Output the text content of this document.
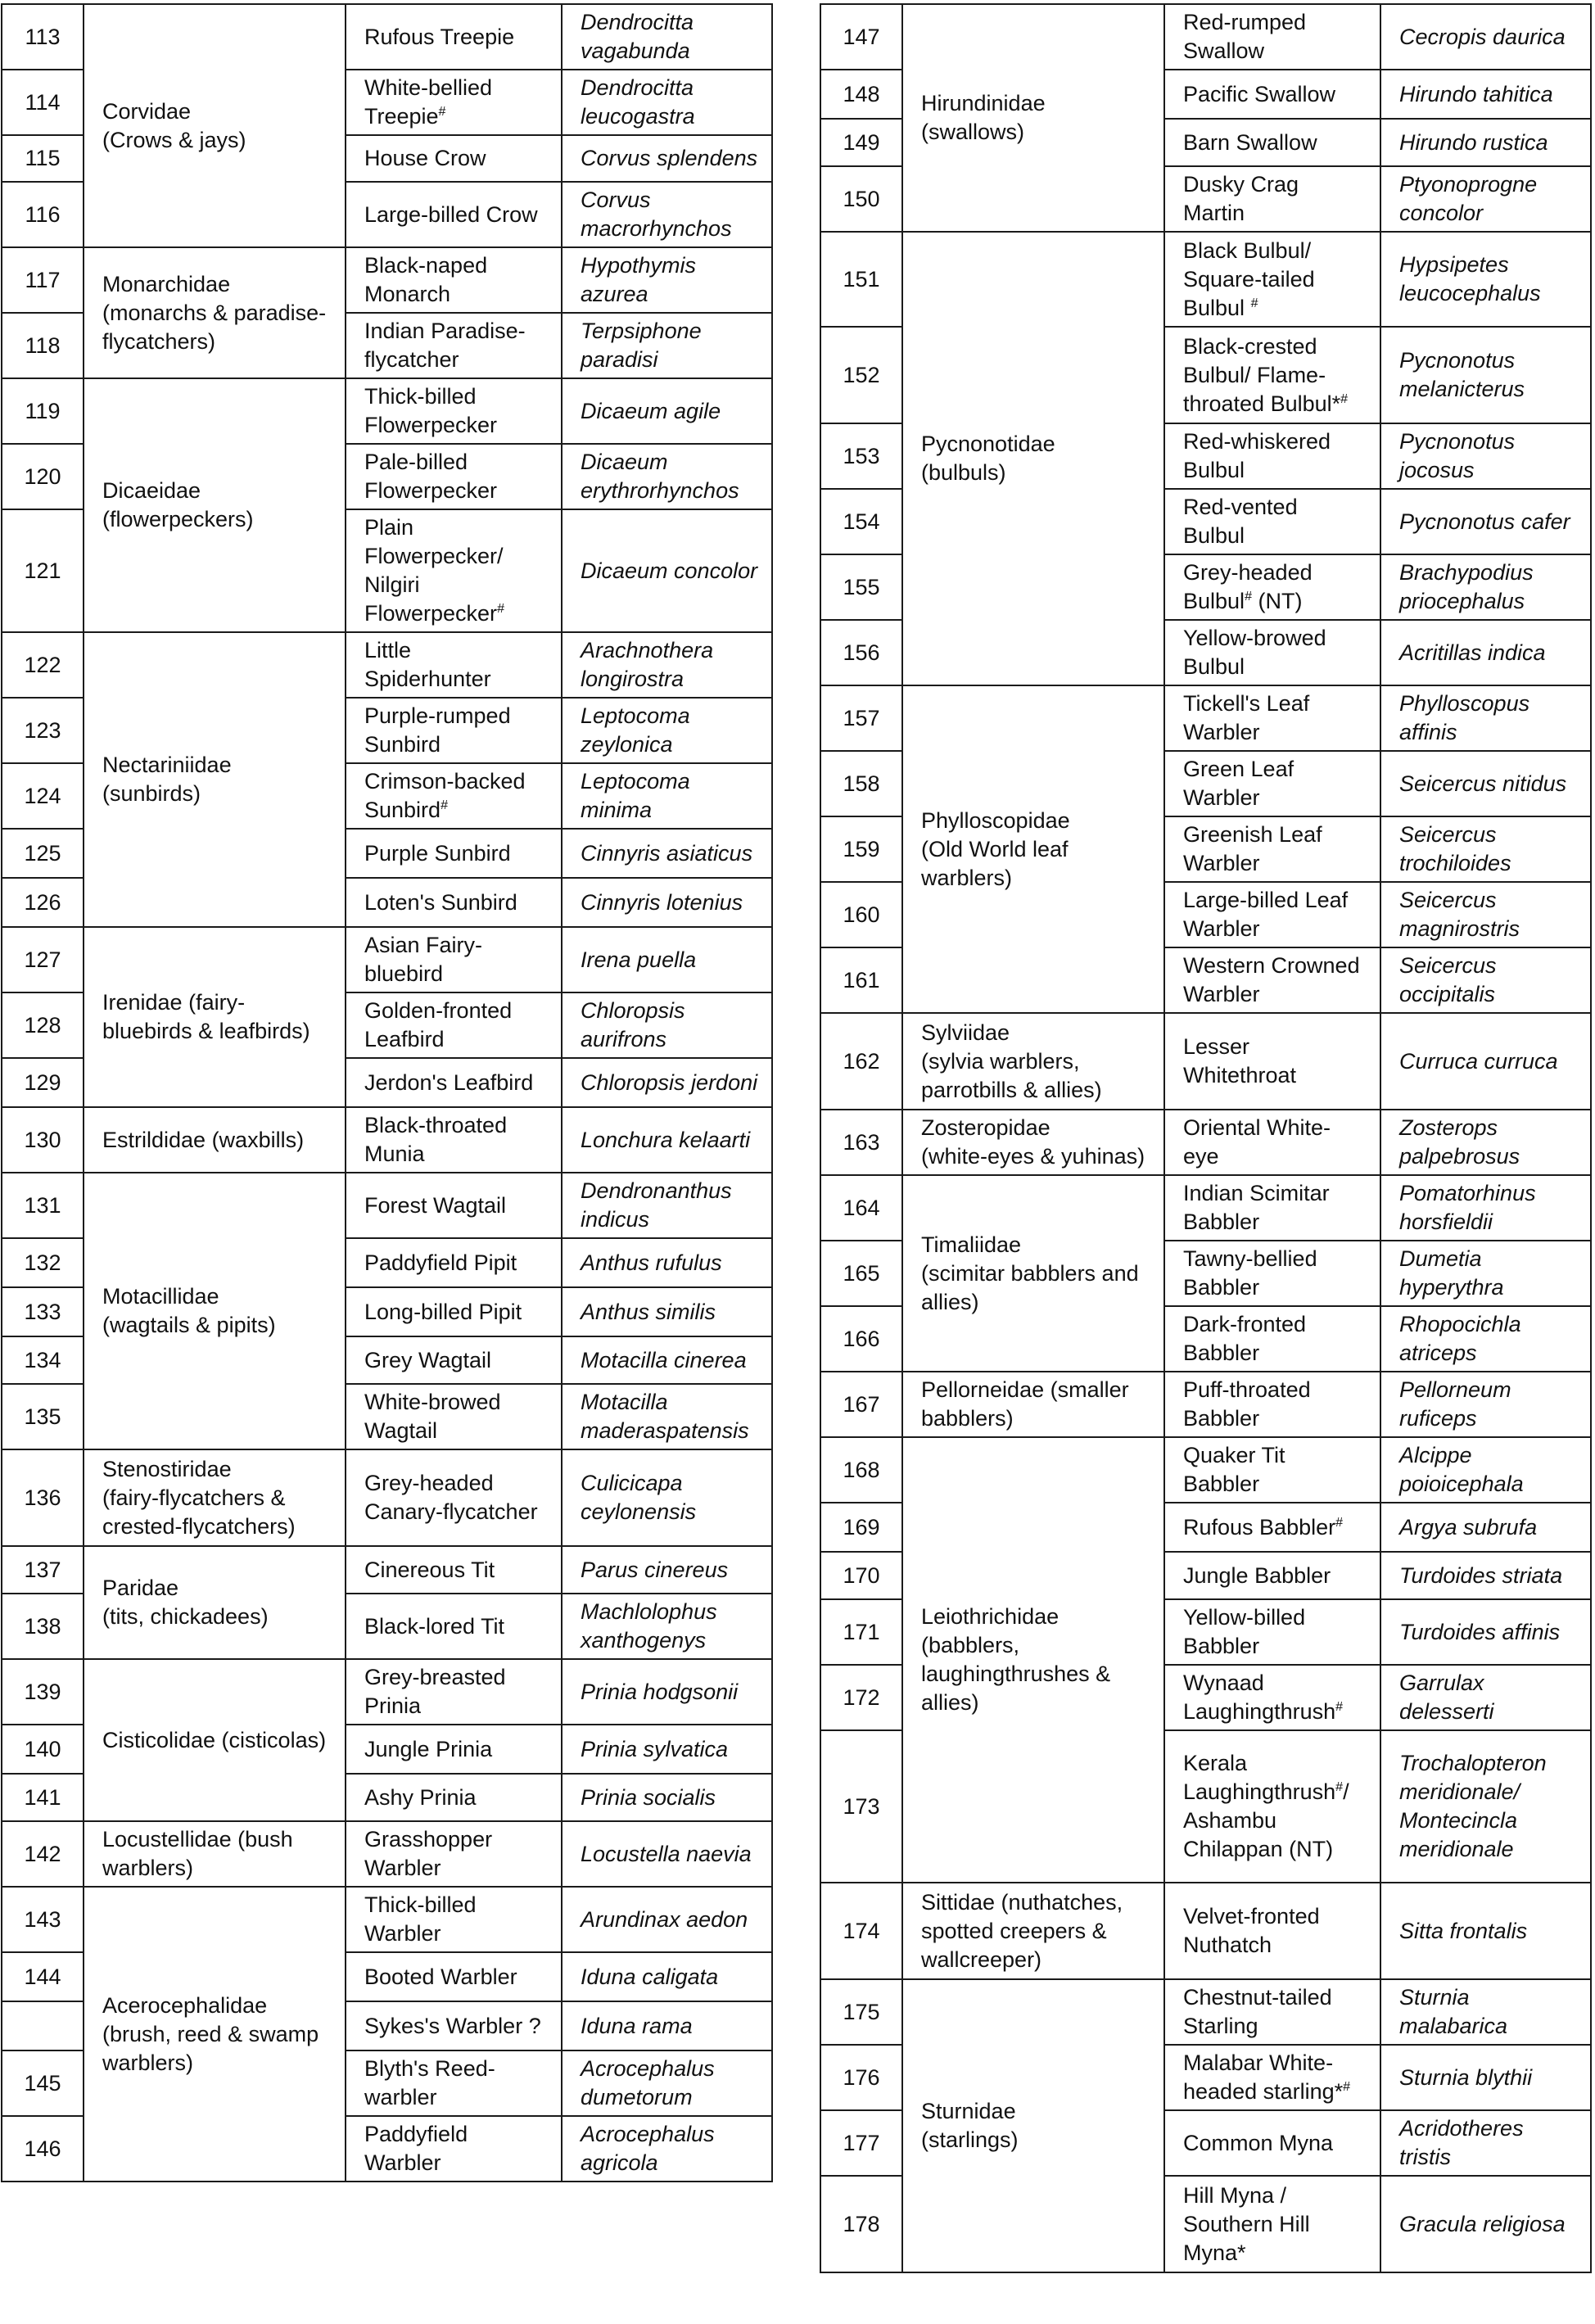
113	Corvidae
(Crows & jays)	Rufous Treepie	Dendrocitta
vagabunda
114		White-bellied
Treepie#	Dendrocitta
leucogastra
115		House Crow	Corvus splendens
116		Large-billed Crow	Corvus
macrorhynchos
117	Monarchidae
(monarchs & paradise-
flycatchers)	Black-naped
Monarch	Hypothymis
azurea
118		Indian Paradise-
flycatcher	Terpsiphone
paradisi
119	Dicaeidae
(flowerpeckers)	Thick-billed
Flowerpecker	Dicaeum agile
120		Pale-billed
Flowerpecker	Dicaeum
erythrorhynchos
121		Plain
Flowerpecker/
Nilgiri
Flowerpecker#	Dicaeum concolor
122	Nectariniidae
(sunbirds)	Little
Spiderhunter	Arachnothera
longirostra
123		Purple-rumped
Sunbird	Leptocoma
zeylonica
124		Crimson-backed
Sunbird#	Leptocoma
minima
125		Purple Sunbird	Cinnyris asiaticus
126		Loten's Sunbird	Cinnyris lotenius
127	Irenidae (fairy-
bluebirds & leafbirds)	Asian Fairy-
bluebird	Irena puella
128		Golden-fronted
Leafbird	Chloropsis
aurifrons
129		Jerdon's Leafbird	Chloropsis jerdoni
130	Estrildidae (waxbills)	Black-throated
Munia	Lonchura kelaarti
131	Motacillidae
(wagtails & pipits)	Forest Wagtail	Dendronanthus
indicus
132		Paddyfield Pipit	Anthus rufulus
133		Long-billed Pipit	Anthus similis
134		Grey Wagtail	Motacilla cinerea
135		White-browed
Wagtail	Motacilla
maderaspatensis
136	Stenostiridae
(fairy-flycatchers &
crested-flycatchers)	Grey-headed
Canary-flycatcher	Culicicapa
ceylonensis
137	Paridae
(tits, chickadees)	Cinereous Tit	Parus cinereus
138		Black-lored Tit	Machlolophus
xanthogenys
139	Cisticolidae (cisticolas)	Grey-breasted
Prinia	Prinia hodgsonii
140		Jungle Prinia	Prinia sylvatica
141		Ashy Prinia	Prinia socialis
142	Locustellidae (bush
warblers)	Grasshopper
Warbler	Locustella naevia
143	Acerocephalidae
(brush, reed & swamp
warblers)	Thick-billed
Warbler	Arundinax aedon
144		Booted Warbler	Iduna caligata
		Sykes's Warbler ?	Iduna rama
145		Blyth's Reed-
warbler	Acrocephalus
dumetorum
146		Paddyfield
Warbler	Acrocephalus
agricola
147	Hirundinidae
(swallows)	Red-rumped
Swallow	Cecropis daurica
148		Pacific Swallow	Hirundo tahitica
149		Barn Swallow	Hirundo rustica
150		Dusky Crag
Martin	Ptyonoprogne
concolor
151	Pycnonotidae
(bulbuls)	Black Bulbul/
Square-tailed
Bulbul #	Hypsipetes
leucocephalus
152		Black-crested
Bulbul/ Flame-
throated Bulbul*#	Pycnonotus
melanicterus
153		Red-whiskered
Bulbul	Pycnonotus
jocosus
154		Red-vented
Bulbul	Pycnonotus cafer
155		Grey-headed
Bulbul# (NT)	Brachypodius
priocephalus
156		Yellow-browed
Bulbul	Acritillas indica
157	Phylloscopidae
(Old World leaf
warblers)	Tickell's Leaf
Warbler	Phylloscopus
affinis
158		Green Leaf
Warbler	Seicercus nitidus
159		Greenish Leaf
Warbler	Seicercus
trochiloides
160		Large-billed Leaf
Warbler	Seicercus
magnirostris
161		Western Crowned
Warbler	Seicercus
occipitalis
162	Sylviidae
(sylvia warblers,
parrotbills & allies)	Lesser
Whitethroat	Curruca curruca
163	Zosteropidae
(white-eyes & yuhinas)	Oriental White-
eye	Zosterops
palpebrosus
164	Timaliidae
(scimitar babblers and
allies)	Indian Scimitar
Babbler	Pomatorhinus
horsfieldii
165		Tawny-bellied
Babbler	Dumetia
hyperythra
166		Dark-fronted
Babbler	Rhopocichla
atriceps
167	Pellorneidae (smaller
babblers)	Puff-throated
Babbler	Pellorneum
ruficeps
168	Leiothrichidae
(babblers,
laughingthrushes &
allies)	Quaker Tit
Babbler	Alcippe
poioicephala
169		Rufous Babbler#	Argya subrufa
170		Jungle Babbler	Turdoides striata
171		Yellow-billed
Babbler	Turdoides affinis
172		Wynaad
Laughingthrush#	Garrulax
delesserti
173		Kerala
Laughingthrush#/
Ashambu
Chilappan (NT)	Trochalopteron
meridionale/
Montecincla
meridionale
174	Sittidae (nuthatches,
spotted creepers &
wallcreeper)	Velvet-fronted
Nuthatch	Sitta frontalis
175	Sturnidae
(starlings)	Chestnut-tailed
Starling	Sturnia
malabarica
176		Malabar White-
headed starling*#	Sturnia blythii
177		Common Myna	Acridotheres
tristis
178		Hill Myna /
Southern Hill
Myna*	Gracula religiosa
